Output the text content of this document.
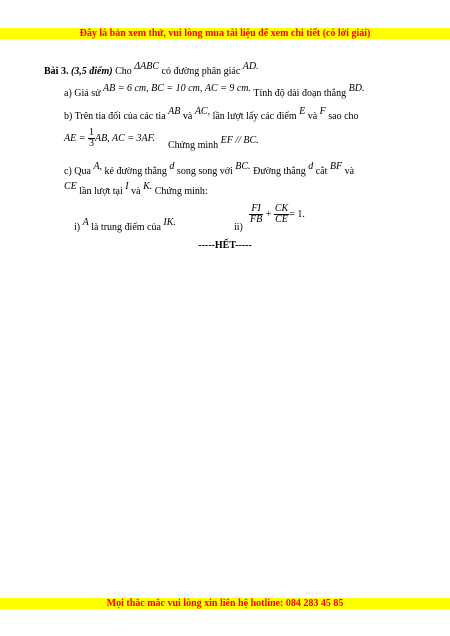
Đây là bản xem thử, vui lòng mua tài liệu để xem chi tiết (có lời giải)
Bài 3. (3,5 điểm) Cho ΔABC có đường phân giác AD.
a) Giả sử AB = 6 cm, BC = 10 cm, AC = 9 cm. Tính độ dài đoạn thẳng BD.
b) Trên tia đối của các tia AB và AC, lần lượt lấy các điểm E và F sao cho
AE = $\frac{1}{3}$ AB, AC = 3AF.
Chứng minh EF // BC.
c) Qua A, kẻ đường thẳng d song song với BC. Đường thẳng d cắt BF và
CE lần lượt tại I và K. Chứng minh:
i) A là trung điểm của IK.	ii)
$\frac{FI}{FB} + \frac{CK}{CE} = 1$.
-----HẾT-----
Mọi thắc mắc vui lòng xin liên hệ hotline: 084 283 45 85
